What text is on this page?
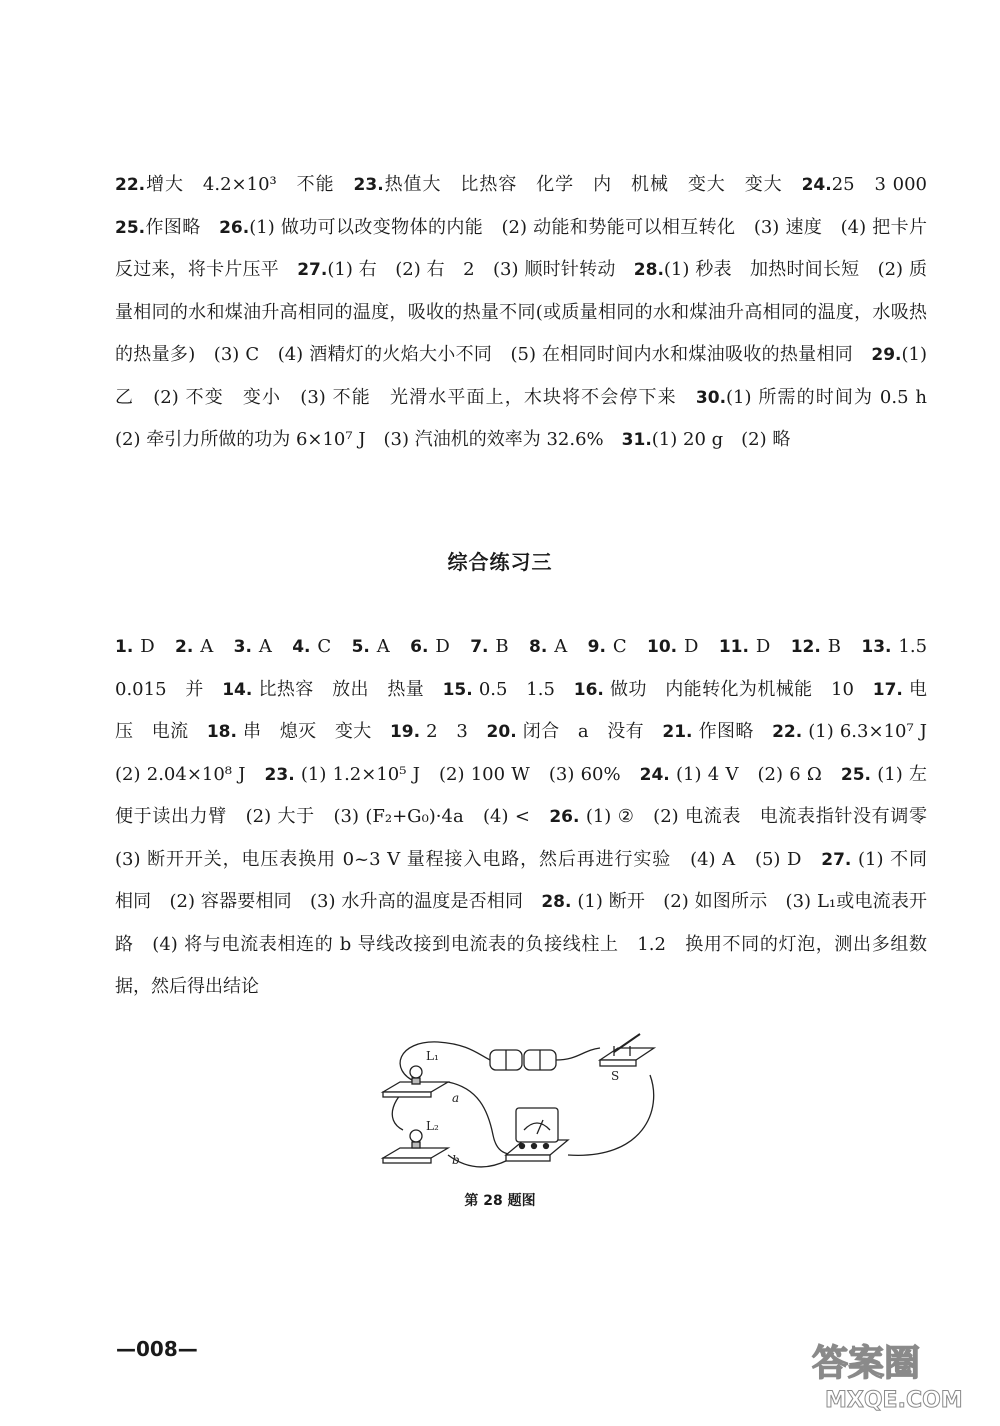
22.增大　4.2×10³　不能　23.热值大　比热容　化学　内　机械　变大　变大　24.25　3 000　25.作图略　26.(1) 做功可以改变物体的内能　(2) 动能和势能可以相互转化　(3) 速度　(4) 把卡片反过来，将卡片压平　27.(1) 右　(2) 右　2　(3) 顺时针转动　28.(1) 秒表　加热时间长短　(2) 质量相同的水和煤油升高相同的温度，吸收的热量不同(或质量相同的水和煤油升高相同的温度，水吸热的热量多)　(3) C　(4) 酒精灯的火焰大小不同　(5) 在相同时间内水和煤油吸收的热量相同　29.(1) 乙　(2) 不变　变小　(3) 不能　光滑水平面上，木块将不会停下来　30.(1) 所需的时间为 0.5 h　(2) 牵引力所做的功为 6×10⁷ J　(3) 汽油机的效率为 32.6%　31.(1) 20 g　(2) 略

综合练习三

1. D　2. A　3. A　4. C　5. A　6. D　7. B　8. A　9. C　10. D　11. D　12. B　13. 1.5　0.015　并　14. 比热容　放出　热量　15. 0.5　1.5　16. 做功　内能转化为机械能　10　17. 电压　电流　18. 串　熄灭　变大　19. 2　3　20. 闭合　a　没有　21. 作图略　22. (1) 6.3×10⁷ J　(2) 2.04×10⁸ J　23. (1) 1.2×10⁵ J　(2) 100 W　(3) 60%　24. (1) 4 V　(2) 6 Ω　25. (1) 左　便于读出力臂　(2) 大于　(3) (F₂+G₀)·4a　(4) <　26. (1) ②　(2) 电流表　电流表指针没有调零　(3) 断开开关，电压表换用 0~3 V 量程接入电路，然后再进行实验　(4) A　(5) D　27. (1) 不同　相同　(2) 容器要相同　(3) 水升高的温度是否相同　28. (1) 断开　(2) 如图所示　(3) L₁或电流表开路　(4) 将与电流表相连的 b 导线改接到电流表的负接线柱上　1.2　换用不同的灯泡，测出多组数据，然后得出结论

S
L₁
a
L₂
b
第 28 题图
—008—	答案圈
MXQE.COM
